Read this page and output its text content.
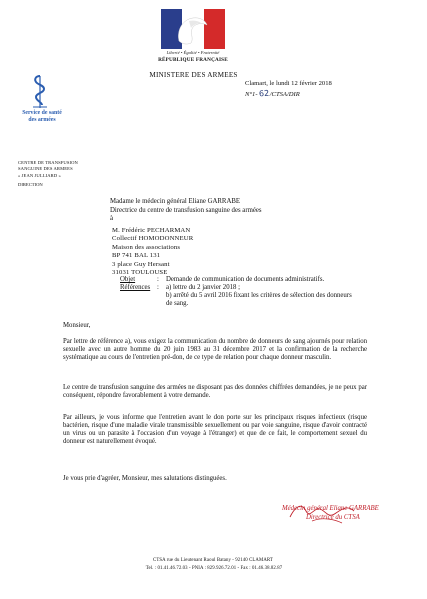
Liberté • Égalité • Fraternité
RÉPUBLIQUE FRANÇAISE
MINISTERE DES ARMEES
Service de santé
des armées
CENTRE DE TRANSFUSION
SANGUINE DES ARMEES
« JEAN JULLIARD »
DIRECTION
Clamart, le lundi 12 février 2018
N°1-62/CTSA/DIR
Madame le médecin général Eliane GARRABE
Directrice du centre de transfusion sanguine des armées
à
M. Frédéric PECHARMAN
Collectif HOMODONNEUR
Maison des associations
BP 741 BAL 131
3 place Guy Hersant
31031 TOULOUSE
Objet	: Demande de communication de documents administratifs.
Références : a) lettre du 2 janvier 2018 ;
b) arrêté du 5 avril 2016 fixant les critères de sélection des donneurs de sang.
Monsieur,
Par lettre de référence a), vous exigez la communication du nombre de donneurs de sang ajournés pour relation sexuelle avec un autre homme du 20 juin 1983 au 31 décembre 2017 et la confirmation de la recherche systématique au cours de l'entretien pré-don, de ce type de relation pour chaque donneur masculin.
Le centre de transfusion sanguine des armées ne disposant pas des données chiffrées demandées, je ne peux par conséquent, répondre favorablement à votre demande.
Par ailleurs, je vous informe que l'entretien avant le don porte sur les principaux risques infectieux (risque bactérien, risque d'une maladie virale transmissible sexuellement ou par voie sanguine, risque d'avoir contracté un virus ou un parasite à l'occasion d'un voyage à l'étranger) et que de ce fait, le comportement sexuel du donneur est naturellement évoqué.
Je vous prie d'agréer, Monsieur, mes salutations distinguées.
Médecin général Eliane GARRABE
Directrice du CTSA
CTSA rue du Lieutenant Raoul Batany - 92140 CLAMART
Tel. : 01.41.46.72.03 - PNIA : 829.926.72.01 - Fax : 01.46.38.82.87
